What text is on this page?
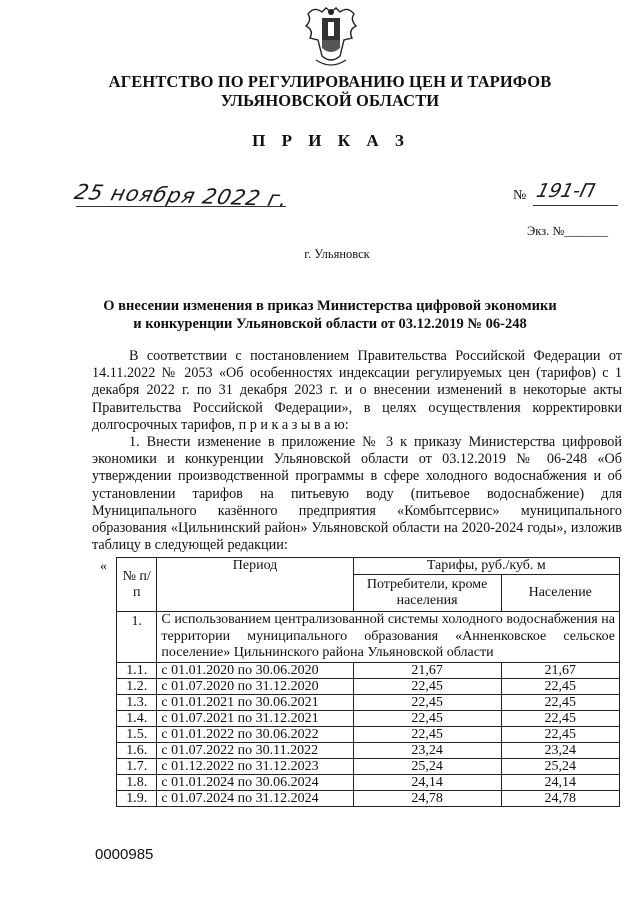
АГЕНТСТВО ПО РЕГУЛИРОВАНИЮ ЦЕН И ТАРИФОВ
УЛЬЯНОВСКОЙ ОБЛАСТИ
П Р И К А З
25 ноября 2022 г.	№ 191-П
Экз. №_______
г. Ульяновск
О внесении изменения в приказ Министерства цифровой экономики
и конкуренции Ульяновской области от 03.12.2019 № 06-248

В соответствии с постановлением Правительства Российской Федерации от 14.11.2022 № 2053 «Об особенностях индексации регулируемых цен (тарифов) с 1 декабря 2022 г. по 31 декабря 2023 г. и о внесении изменений в некоторые акты Правительства Российской Федерации», в целях осуществления корректировки долгосрочных тарифов, п р и к а з ы в а ю:

1. Внести изменение в приложение № 3 к приказу Министерства цифровой экономики и конкуренции Ульяновской области от 03.12.2019 № 06-248 «Об утверждении производственной программы в сфере холодного водоснабжения и об установлении тарифов на питьевую воду (питьевое водоснабжение) для Муниципального казённого предприятия «Комбытсервис» муниципального образования «Цильнинский район» Ульяновской области на 2020-2024 годы», изложив таблицу в следующей редакции:

«
№ п/п	Период	Тарифы, руб./куб. м	
		Потребители, кроме населения	Население
1.	С использованием централизованной системы холодного водоснабжения на территории муниципального образования «Анненковское сельское поселение» Цильнинского района Ульяновской области		
1.1.	с 01.01.2020 по 30.06.2020	21,67	21,67
1.2.	с 01.07.2020 по 31.12.2020	22,45	22,45
1.3.	с 01.01.2021 по 30.06.2021	22,45	22,45
1.4.	с 01.07.2021 по 31.12.2021	22,45	22,45
1.5.	с 01.01.2022 по 30.06.2022	22,45	22,45
1.6.	с 01.07.2022 по 30.11.2022	23,24	23,24
1.7.	с 01.12.2022 по 31.12.2023	25,24	25,24
1.8.	с 01.01.2024 по 30.06.2024	24,14	24,14
1.9.	с 01.07.2024 по 31.12.2024	24,78	24,78
0000985
